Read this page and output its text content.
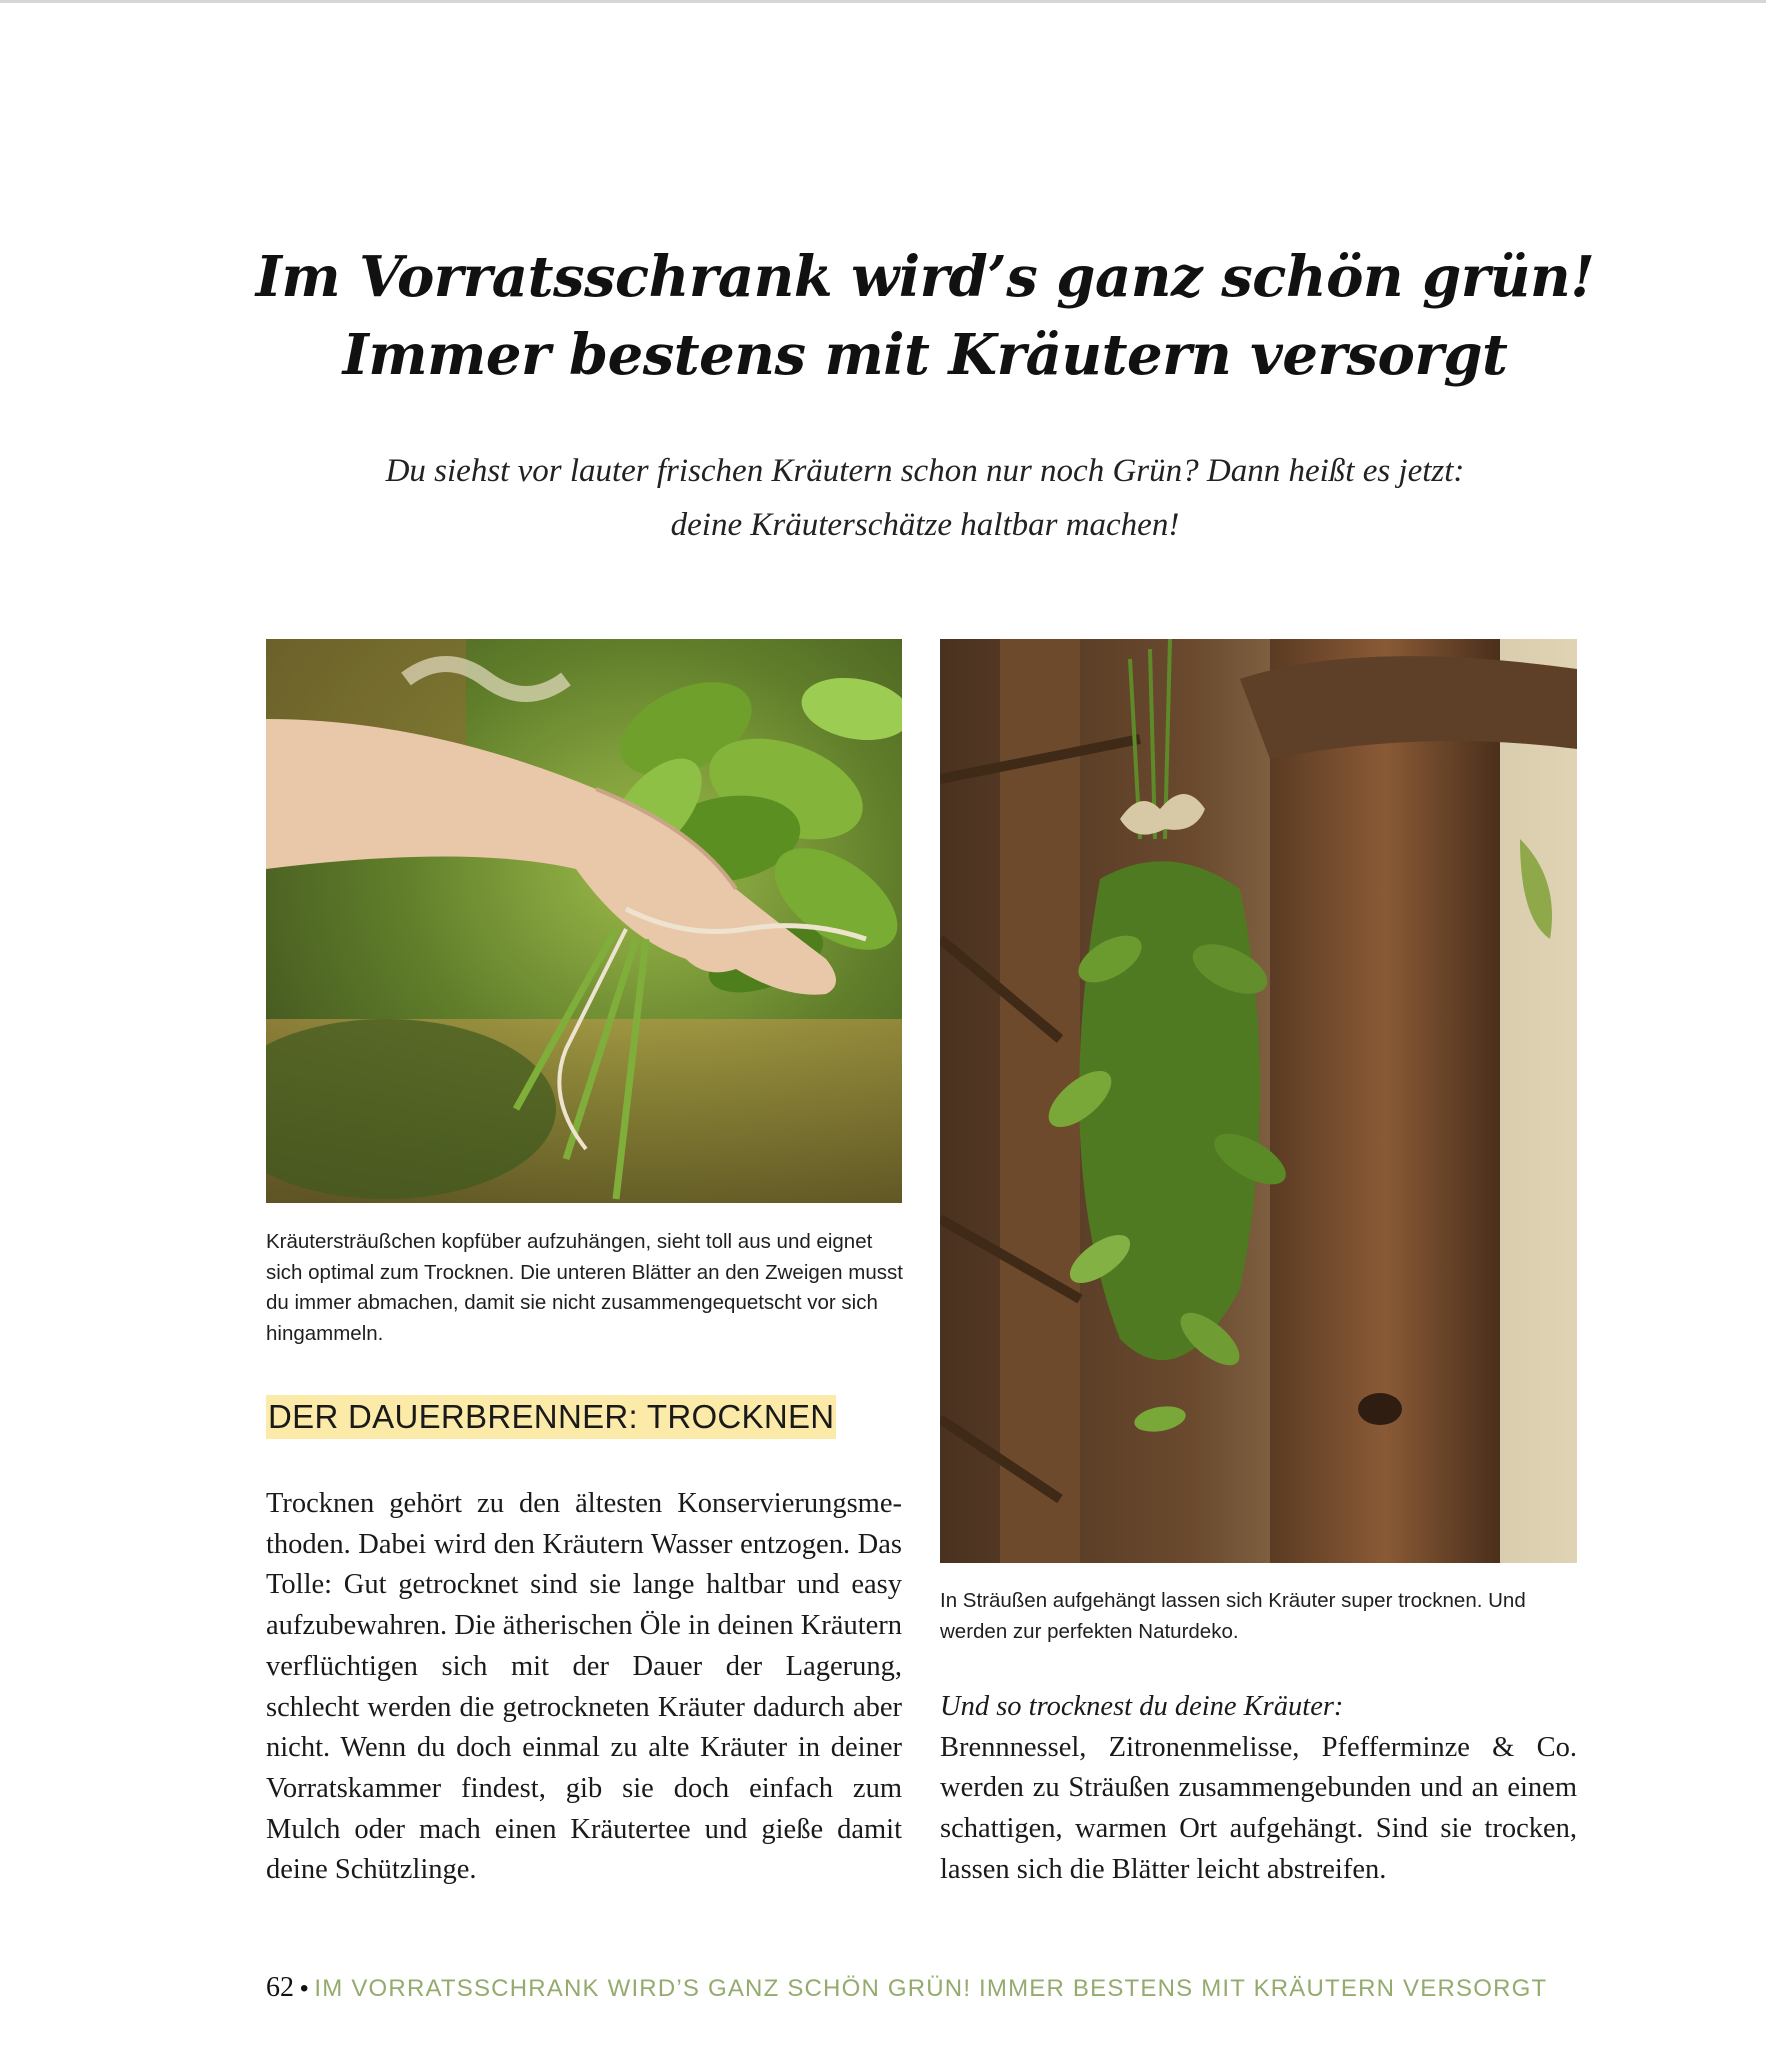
Im Vorratsschrank wird’s ganz schön grün!
Immer bestens mit Kräutern versorgt

Du siehst vor lauter frischen Kräutern schon nur noch Grün? Dann heißt es jetzt:
deine Kräuterschätze haltbar machen!

Kräutersträußchen kopfüber aufzuhängen, sieht toll aus und eignet sich optimal zum Trocknen. Die unteren Blätter an den Zweigen musst du immer abmachen, damit sie nicht zusammengequetscht vor sich hingammeln.

In Sträußen aufgehängt lassen sich Kräuter super trocknen. Und werden zur perfekten Naturdeko.

DER DAUERBRENNER: TROCKNEN

Trocknen gehört zu den ältesten Konservierungsmethoden. Dabei wird den Kräutern Wasser entzogen. Das Tolle: Gut getrocknet sind sie lange haltbar und easy aufzubewahren. Die ätherischen Öle in deinen Kräutern verflüchtigen sich mit der Dauer der Lagerung, schlecht werden die getrockneten Kräuter dadurch aber nicht. Wenn du doch einmal zu alte Kräuter in deiner Vorratskammer findest, gib sie doch einfach zum Mulch oder mach einen Kräutertee und gieße damit deine Schützlinge.

Und so trocknest du deine Kräuter:
Brennnessel, Zitronenmelisse, Pfefferminze & Co. werden zu Sträußen zusammengebunden und an einem schattigen, warmen Ort aufgehängt. Sind sie trocken, lassen sich die Blätter leicht abstreifen.

62 • IM VORRATSSCHRANK WIRD’S GANZ SCHÖN GRÜN! IMMER BESTENS MIT KRÄUTERN VERSORGT
